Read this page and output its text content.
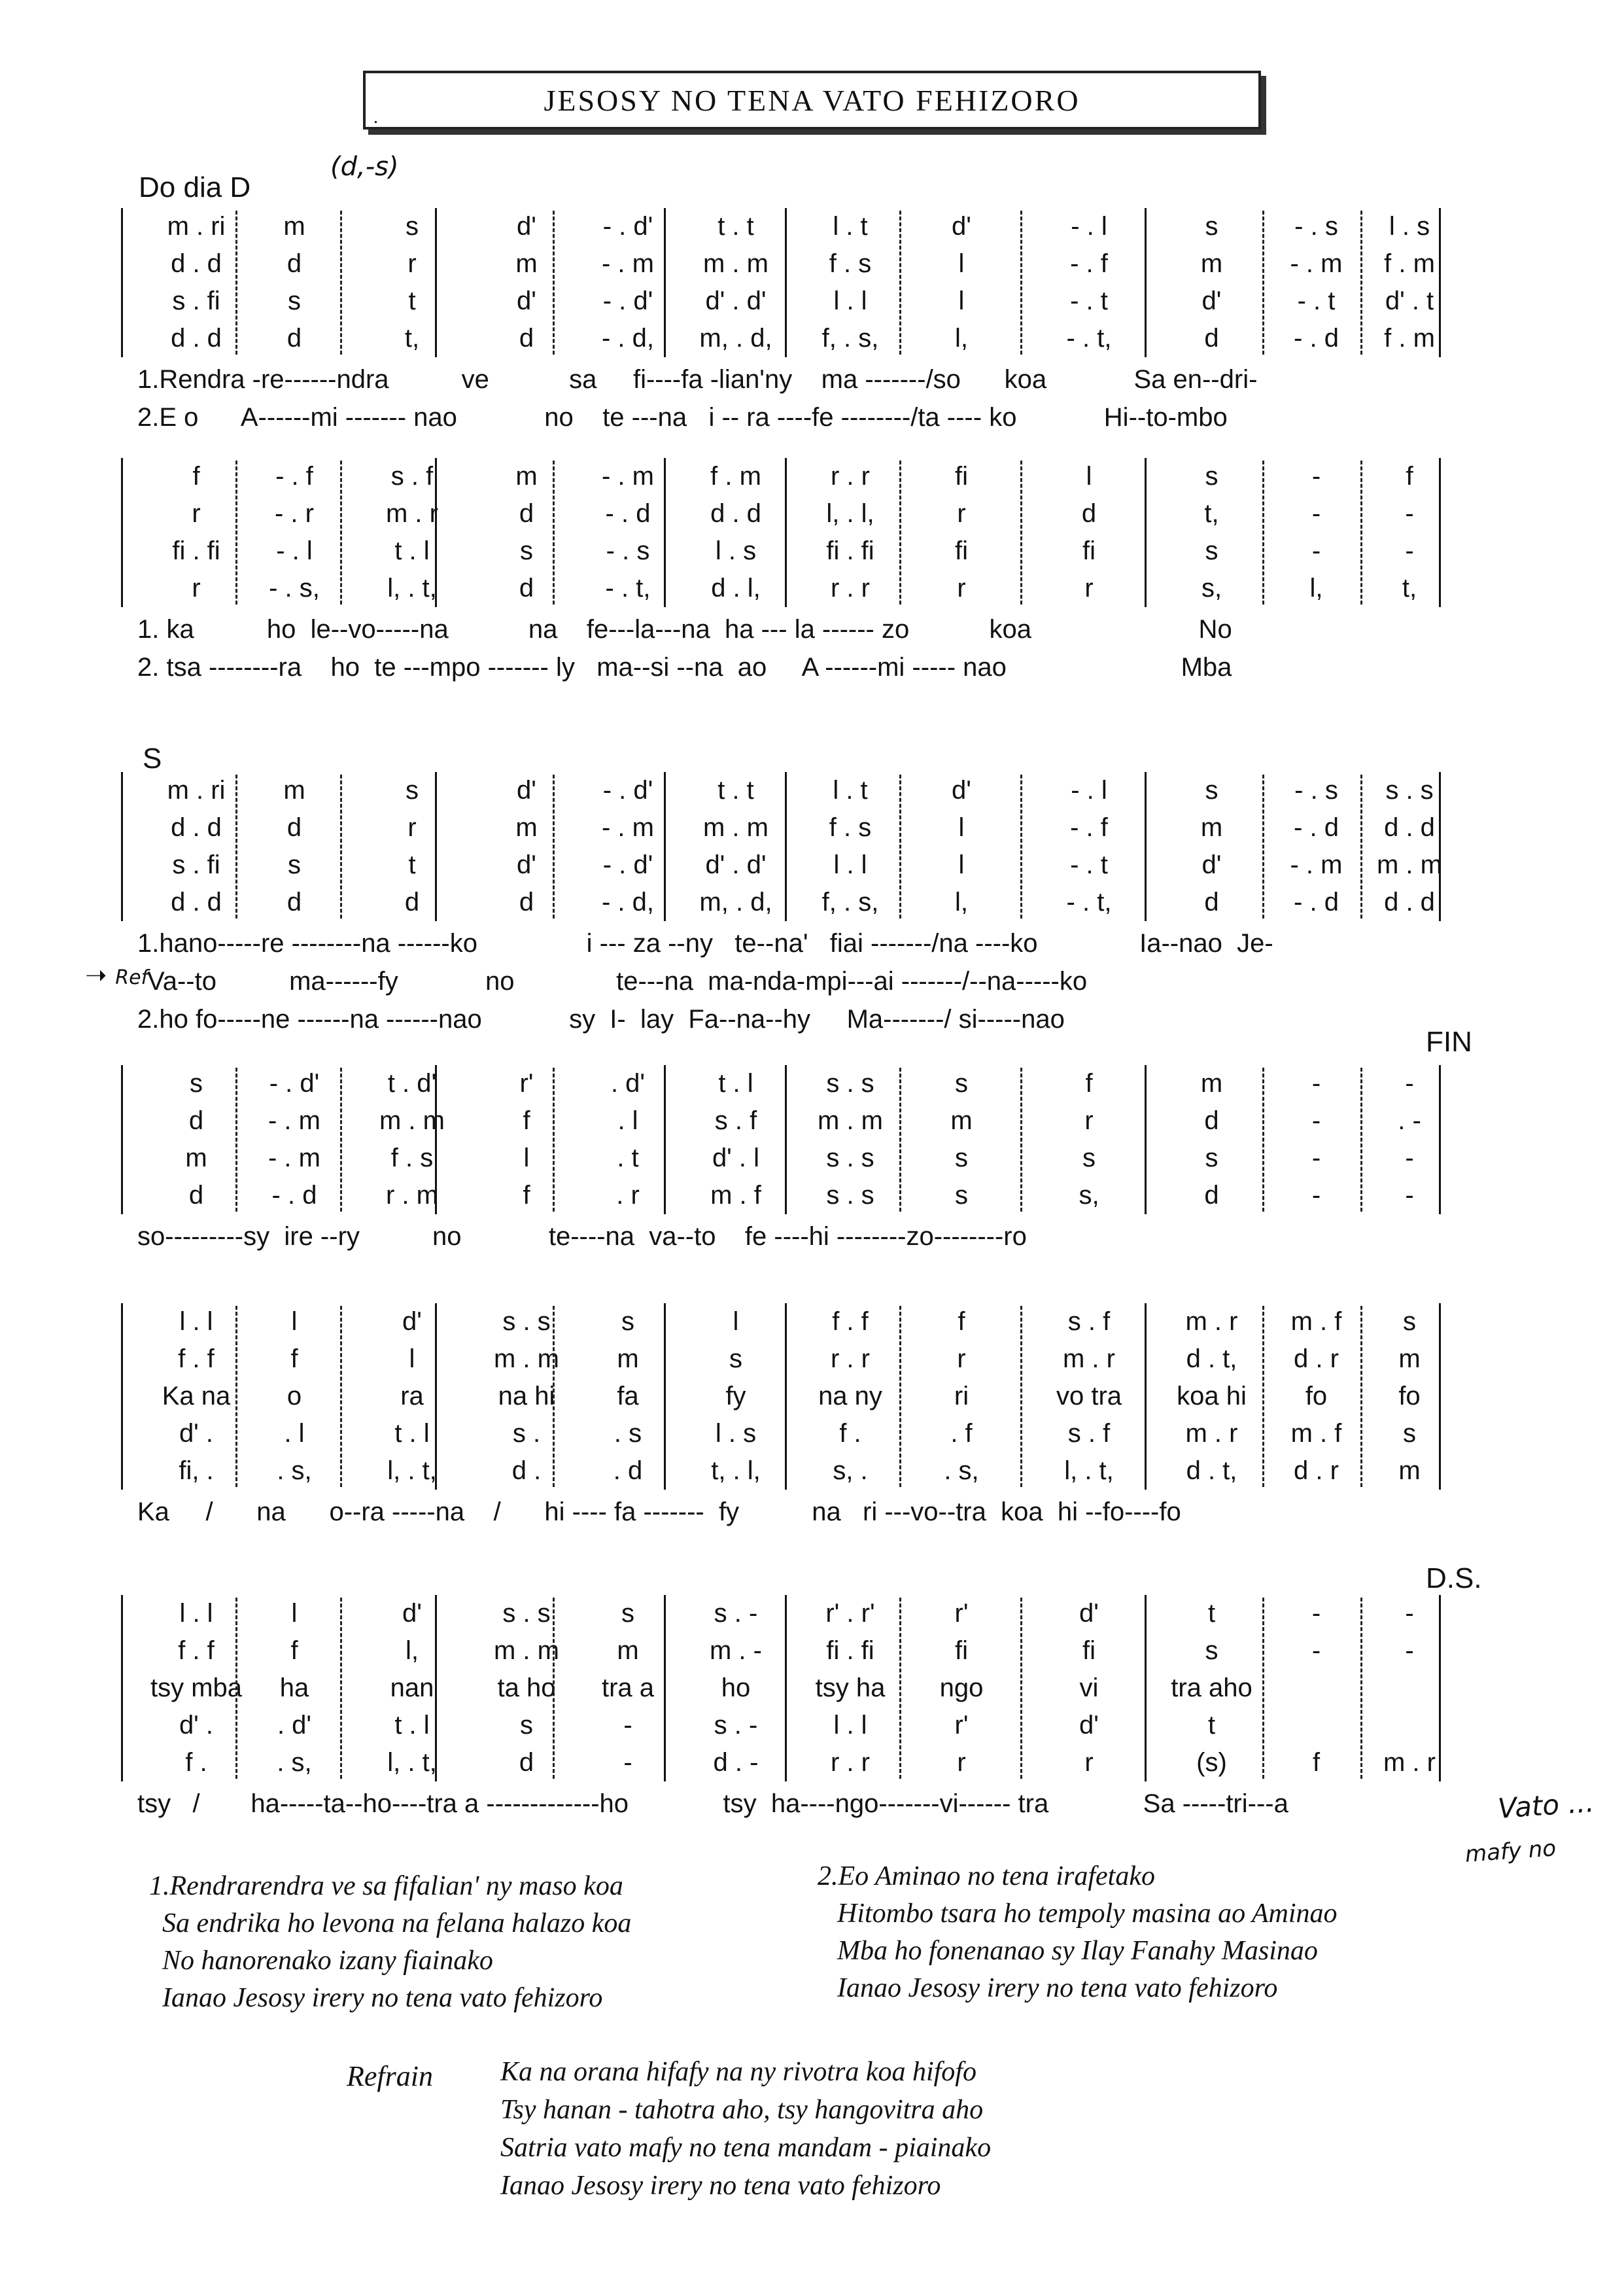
.
JESOSY NO TENA VATO FEHIZORO
Do dia D
(d,-s)
S
FIN
D.S.
m . ri	m	s	d'	- . d'	t . t	l . t	d'	- . l	s	- . s	l . s
d . d	d	r	m	- . m	m . m	f . s	l	- . f	m	- . m	f . m
s . fi	s	t	d'	- . d'	d' . d'	l . l	l	- . t	d'	- . t	d' . t
d . d	d	t,	d	- . d,	m, . d,	f, . s,	l,	- . t,	d	- . d	f . m
1.Rendra -re------ndra          ve           sa     fi----fa -lian'ny    ma -------/so      koa            Sa en--dri-
2.E o      A------mi ------- nao            no    te ---na   i -- ra ----fe --------/ta ---- ko            Hi--to-mbo
f	- . f	s . f	m	- . m	f . m	r . r	fi	l	s	-	f
r	- . r	m . r	d	- . d	d . d	l, . l,	r	d	t,	-	-
fi . fi	- . l	t . l	s	- . s	l . s	fi . fi	fi	fi	s	-	-
r	- . s,	l, . t,	d	- . t,	d . l,	r . r	r	r	s,	l,	t,
1. ka          ho  le--vo-----na           na    fe---la---na  ha --- la ------ zo           koa                       No
2. tsa --------ra    ho  te ---mpo ------- ly   ma--si --na  ao     A ------mi ----- nao                        Mba
m . ri	m	s	d'	- . d'	t . t	l . t	d'	- . l	s	- . s	s . s
d . d	d	r	m	- . m	m . m	f . s	l	- . f	m	- . d	d . d
s . fi	s	t	d'	- . d'	d' . d'	l . l	l	- . t	d'	- . m	m . m
d . d	d	d	d	- . d,	m, . d,	f, . s,	l,	- . t,	d	- . d	d . d
1.hano-----re --------na ------ko               i --- za --ny   te--na'   fiai -------/na ----ko              Ia--nao  Je-
Va--to          ma------fy            no              te---na  ma-nda-mpi---ai -------/--na-----ko
2.ho fo-----ne ------na ------nao            sy  I-  lay  Fa--na--hy     Ma-------/ si-----nao
s	- . d'	t . d'	r'	. d'	t . l	s . s	s	f	m	-	-
d	- . m	m . m	f	. l	s . f	m . m	m	r	d	-	. -
m	- . m	f . s	l	. t	d' . l	s . s	s	s	s	-	-
d	- . d	r . m	f	. r	m . f	s . s	s	s,	d	-	-
so---------sy  ire --ry          no            te----na  va--to    fe ----hi --------zo--------ro
l . l	l	d'	s . s	s	l	f . f	f	s . f	m . r	m . f	s
f . f	f	l	m . m	m	s	r . r	r	m . r	d . t,	d . r	m
Ka na	o	ra	na hi	fa	fy	na ny	ri	vo tra	koa hi	fo	fo
d' .	. l	t . l	s .	. s	l . s	f .	. f	s . f	m . r	m . f	s
fi, .	. s,	l, . t,	d .	. d	t, . l,	s, .	. s,	l, . t,	d . t,	d . r	m
Ka     /      na      o--ra -----na    /      hi ---- fa -------  fy          na   ri ---vo--tra  koa  hi --fo----fo
l . l	l	d'	s . s	s	s . -	r' . r'	r'	d'	t	-	-
f . f	f	l,	m . m	m	m . -	fi . fi	fi	fi	s	-	-
tsy mba	ha	nan	ta ho	tra a	ho	tsy ha	ngo	vi	tra aho
d' .	. d'	t . l	s	-	s . -	l . l	r'	d'	t
f .	. s,	l, . t,	d	-	d . -	r . r	r	r	(s)	f	m . r
tsy   /       ha-----ta--ho----tra a -------------ho             tsy  ha----ngo-------vi------ tra             Sa -----tri---a
➝ Ref
Vato ...
mafy no
1.Rendrarendra ve sa fifalian' ny maso koa
Sa endrika ho levona na felana halazo koa
No hanorenako izany fiainako
Ianao Jesosy irery no tena vato fehizoro
2.Eo Aminao no tena irafetako
Hitombo tsara ho tempoly masina ao Aminao
Mba ho fonenanao sy Ilay Fanahy Masinao
Ianao Jesosy irery no tena vato fehizoro
Refrain Ka na orana hifafy na ny rivotra koa hifofo
Tsy hanan - tahotra aho, tsy hangovitra aho
Satria vato mafy no tena mandam - piainako
Ianao Jesosy irery no tena vato fehizoro
